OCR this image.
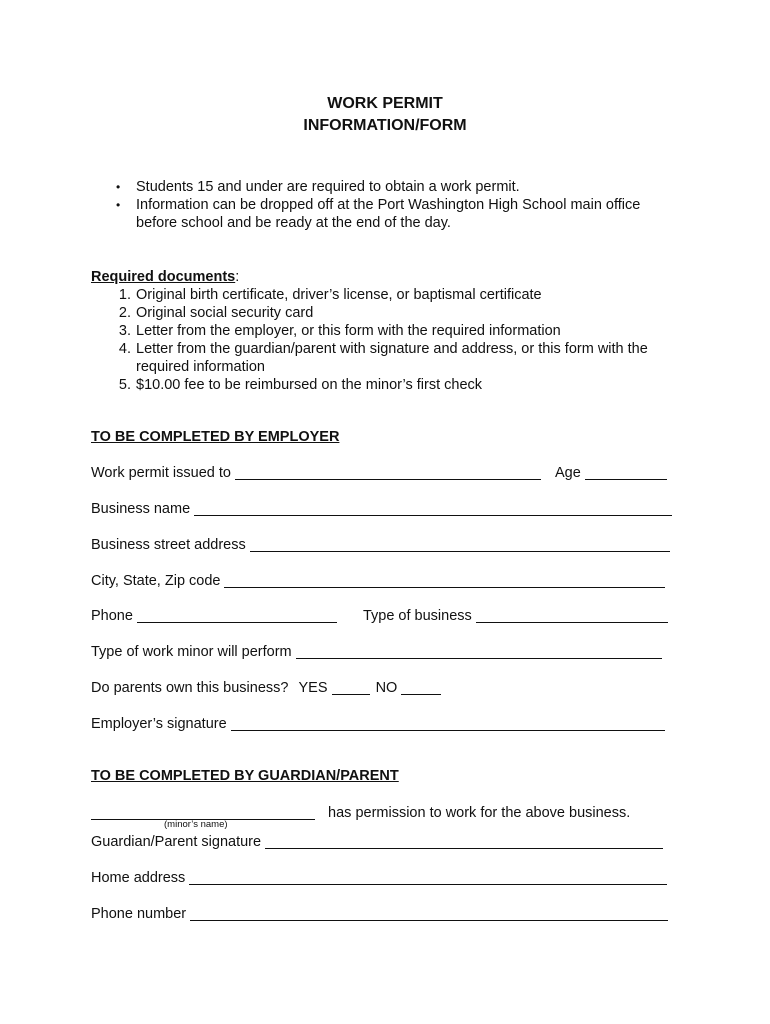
WORK PERMIT
INFORMATION/FORM
• Students 15 and under are required to obtain a work permit.
• Information can be dropped off at the Port Washington High School main office
before school and be ready at the end of the day.
Required documents:
1. Original birth certificate, driver’s license, or baptismal certificate
2. Original social security card
3. Letter from the employer, or this form with the required information
4. Letter from the guardian/parent with signature and address, or this form with the
required information
5. $10.00 fee to be reimbursed on the minor’s first check
TO BE COMPLETED BY EMPLOYER
Work permit issued to	Age
Business name
Business street address
City, State, Zip code
Phone	Type of business
Type of work minor will perform
Do parents own this business? YES	NO
Employer’s signature
TO BE COMPLETED BY GUARDIAN/PARENT
has permission to work for the above business.
(minor’s name)
Guardian/Parent signature
Home address
Phone number
